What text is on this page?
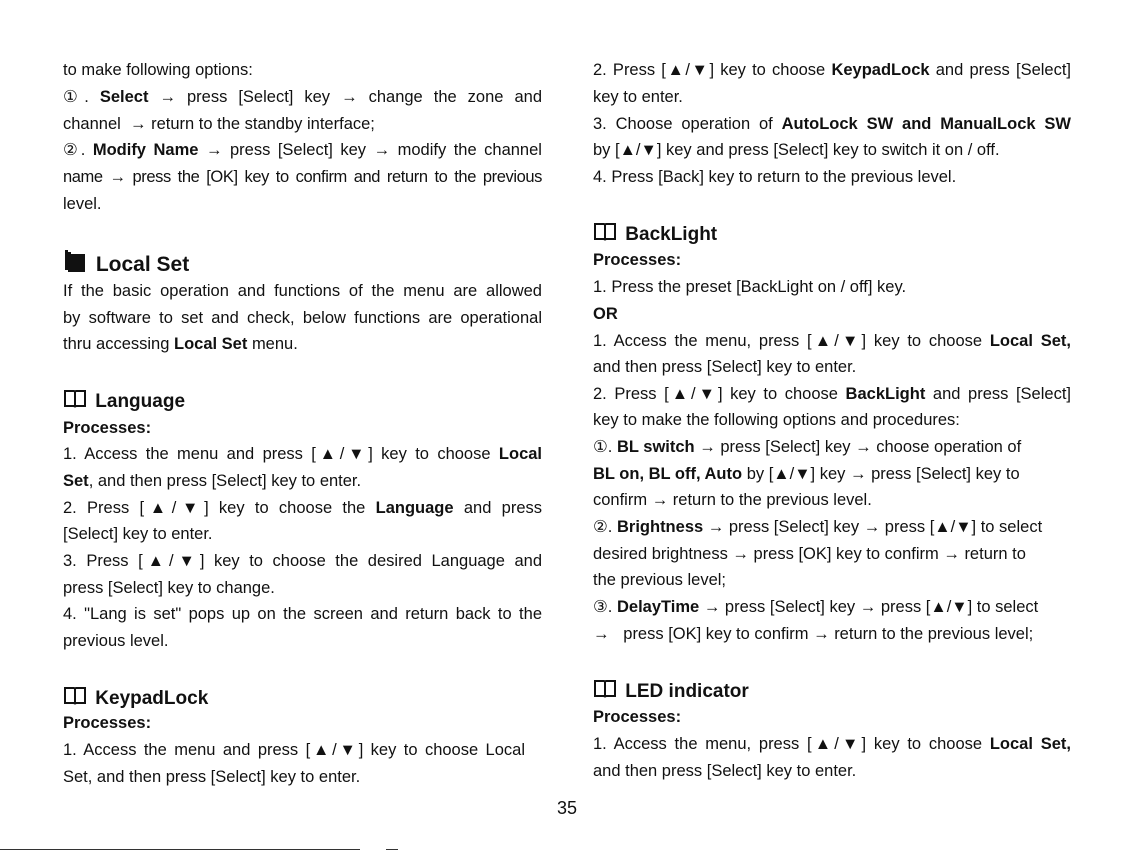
to make following options:
①. Select → press [Select] key → change the zone and
channel → return to the standby interface;
②. Modify Name → press [Select] key → modify the channel
name → press the [OK] key to confirm and return to the previous
level.
Local Set
If the basic operation and functions of the menu are allowed
by software to set and check, below functions are operational
thru accessing Local Set menu.
Language
Processes:
1. Access the menu and press [▲/▼] key to choose Local
Set, and then press [Select] key to enter.
2. Press [▲/▼] key to choose the Language and press
[Select] key to enter.
3. Press [▲/▼] key to choose the desired Language and
press [Select] key to change.
4. "Lang is set" pops up on the screen and return back to the
previous level.
KeypadLock
Processes:
1. Access the menu and press [▲/▼] key to choose Local
Set, and then press [Select] key to enter.
2. Press [▲/▼] key to choose KeypadLock and press [Select]
key to enter.
3. Choose operation of AutoLock SW and ManualLock SW
by [▲/▼] key and press [Select] key to switch it on / off.
4. Press [Back] key to return to the previous level.
BackLight
Processes:
1. Press the preset [BackLight on / off] key.
OR
1. Access the menu, press [▲/▼] key to choose Local Set,
and then press [Select] key to enter.
2. Press [▲/▼] key to choose BackLight and press [Select]
key to make the following options and procedures:
①. BL switch → press [Select] key → choose operation of
BL on, BL off, Auto by [▲/▼] key → press [Select] key to
confirm → return to the previous level.
②. Brightness → press [Select] key → press [▲/▼] to select
desired brightness → press [OK] key to confirm → return to
the previous level;
③. DelayTime → press [Select] key → press [▲/▼] to select
→ press [OK] key to confirm → return to the previous level;
LED indicator
Processes:
1. Access the menu, press [▲/▼] key to choose Local Set,
and then press [Select] key to enter.
35
